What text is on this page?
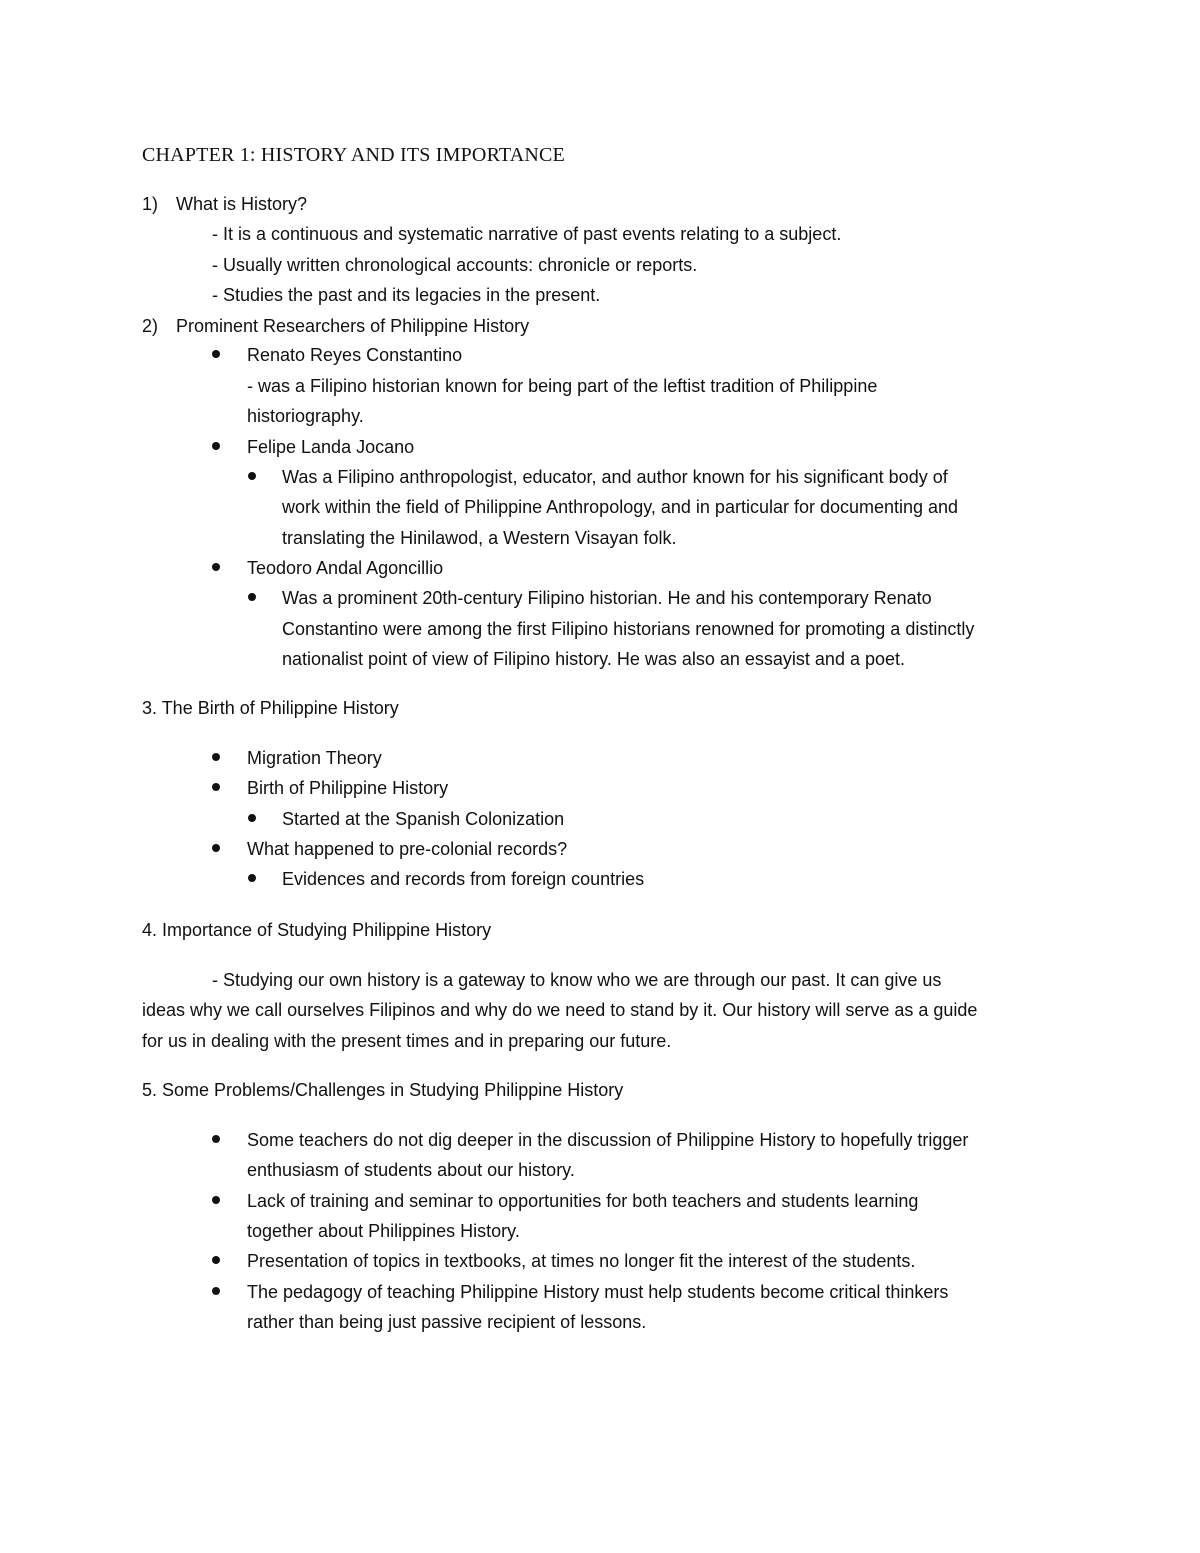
CHAPTER 1: HISTORY AND ITS IMPORTANCE
1) What is History?
- It is a continuous and systematic narrative of past events relating to a subject.
- Usually written chronological accounts: chronicle or reports.
- Studies the past and its legacies in the present.
2) Prominent Researchers of Philippine History
Renato Reyes Constantino
- was a Filipino historian known for being part of the leftist tradition of Philippine
historiography.
Felipe Landa Jocano
Was a Filipino anthropologist, educator, and author known for his significant body of
work within the field of Philippine Anthropology, and in particular for documenting and
translating the Hinilawod, a Western Visayan folk.
Teodoro Andal Agoncillio
Was a prominent 20th-century Filipino historian. He and his contemporary Renato
Constantino were among the first Filipino historians renowned for promoting a distinctly
nationalist point of view of Filipino history. He was also an essayist and a poet.
3. The Birth of Philippine History
Migration Theory
Birth of Philippine History
Started at the Spanish Colonization
What happened to pre-colonial records?
Evidences and records from foreign countries
4. Importance of Studying Philippine History
- Studying our own history is a gateway to know who we are through our past. It can give us
ideas why we call ourselves Filipinos and why do we need to stand by it. Our history will serve as a guide
for us in dealing with the present times and in preparing our future.
5. Some Problems/Challenges in Studying Philippine History
Some teachers do not dig deeper in the discussion of Philippine History to hopefully trigger
enthusiasm of students about our history.
Lack of training and seminar to opportunities for both teachers and students learning
together about Philippines History.
Presentation of topics in textbooks, at times no longer fit the interest of the students.
The pedagogy of teaching Philippine History must help students become critical thinkers
rather than being just passive recipient of lessons.
